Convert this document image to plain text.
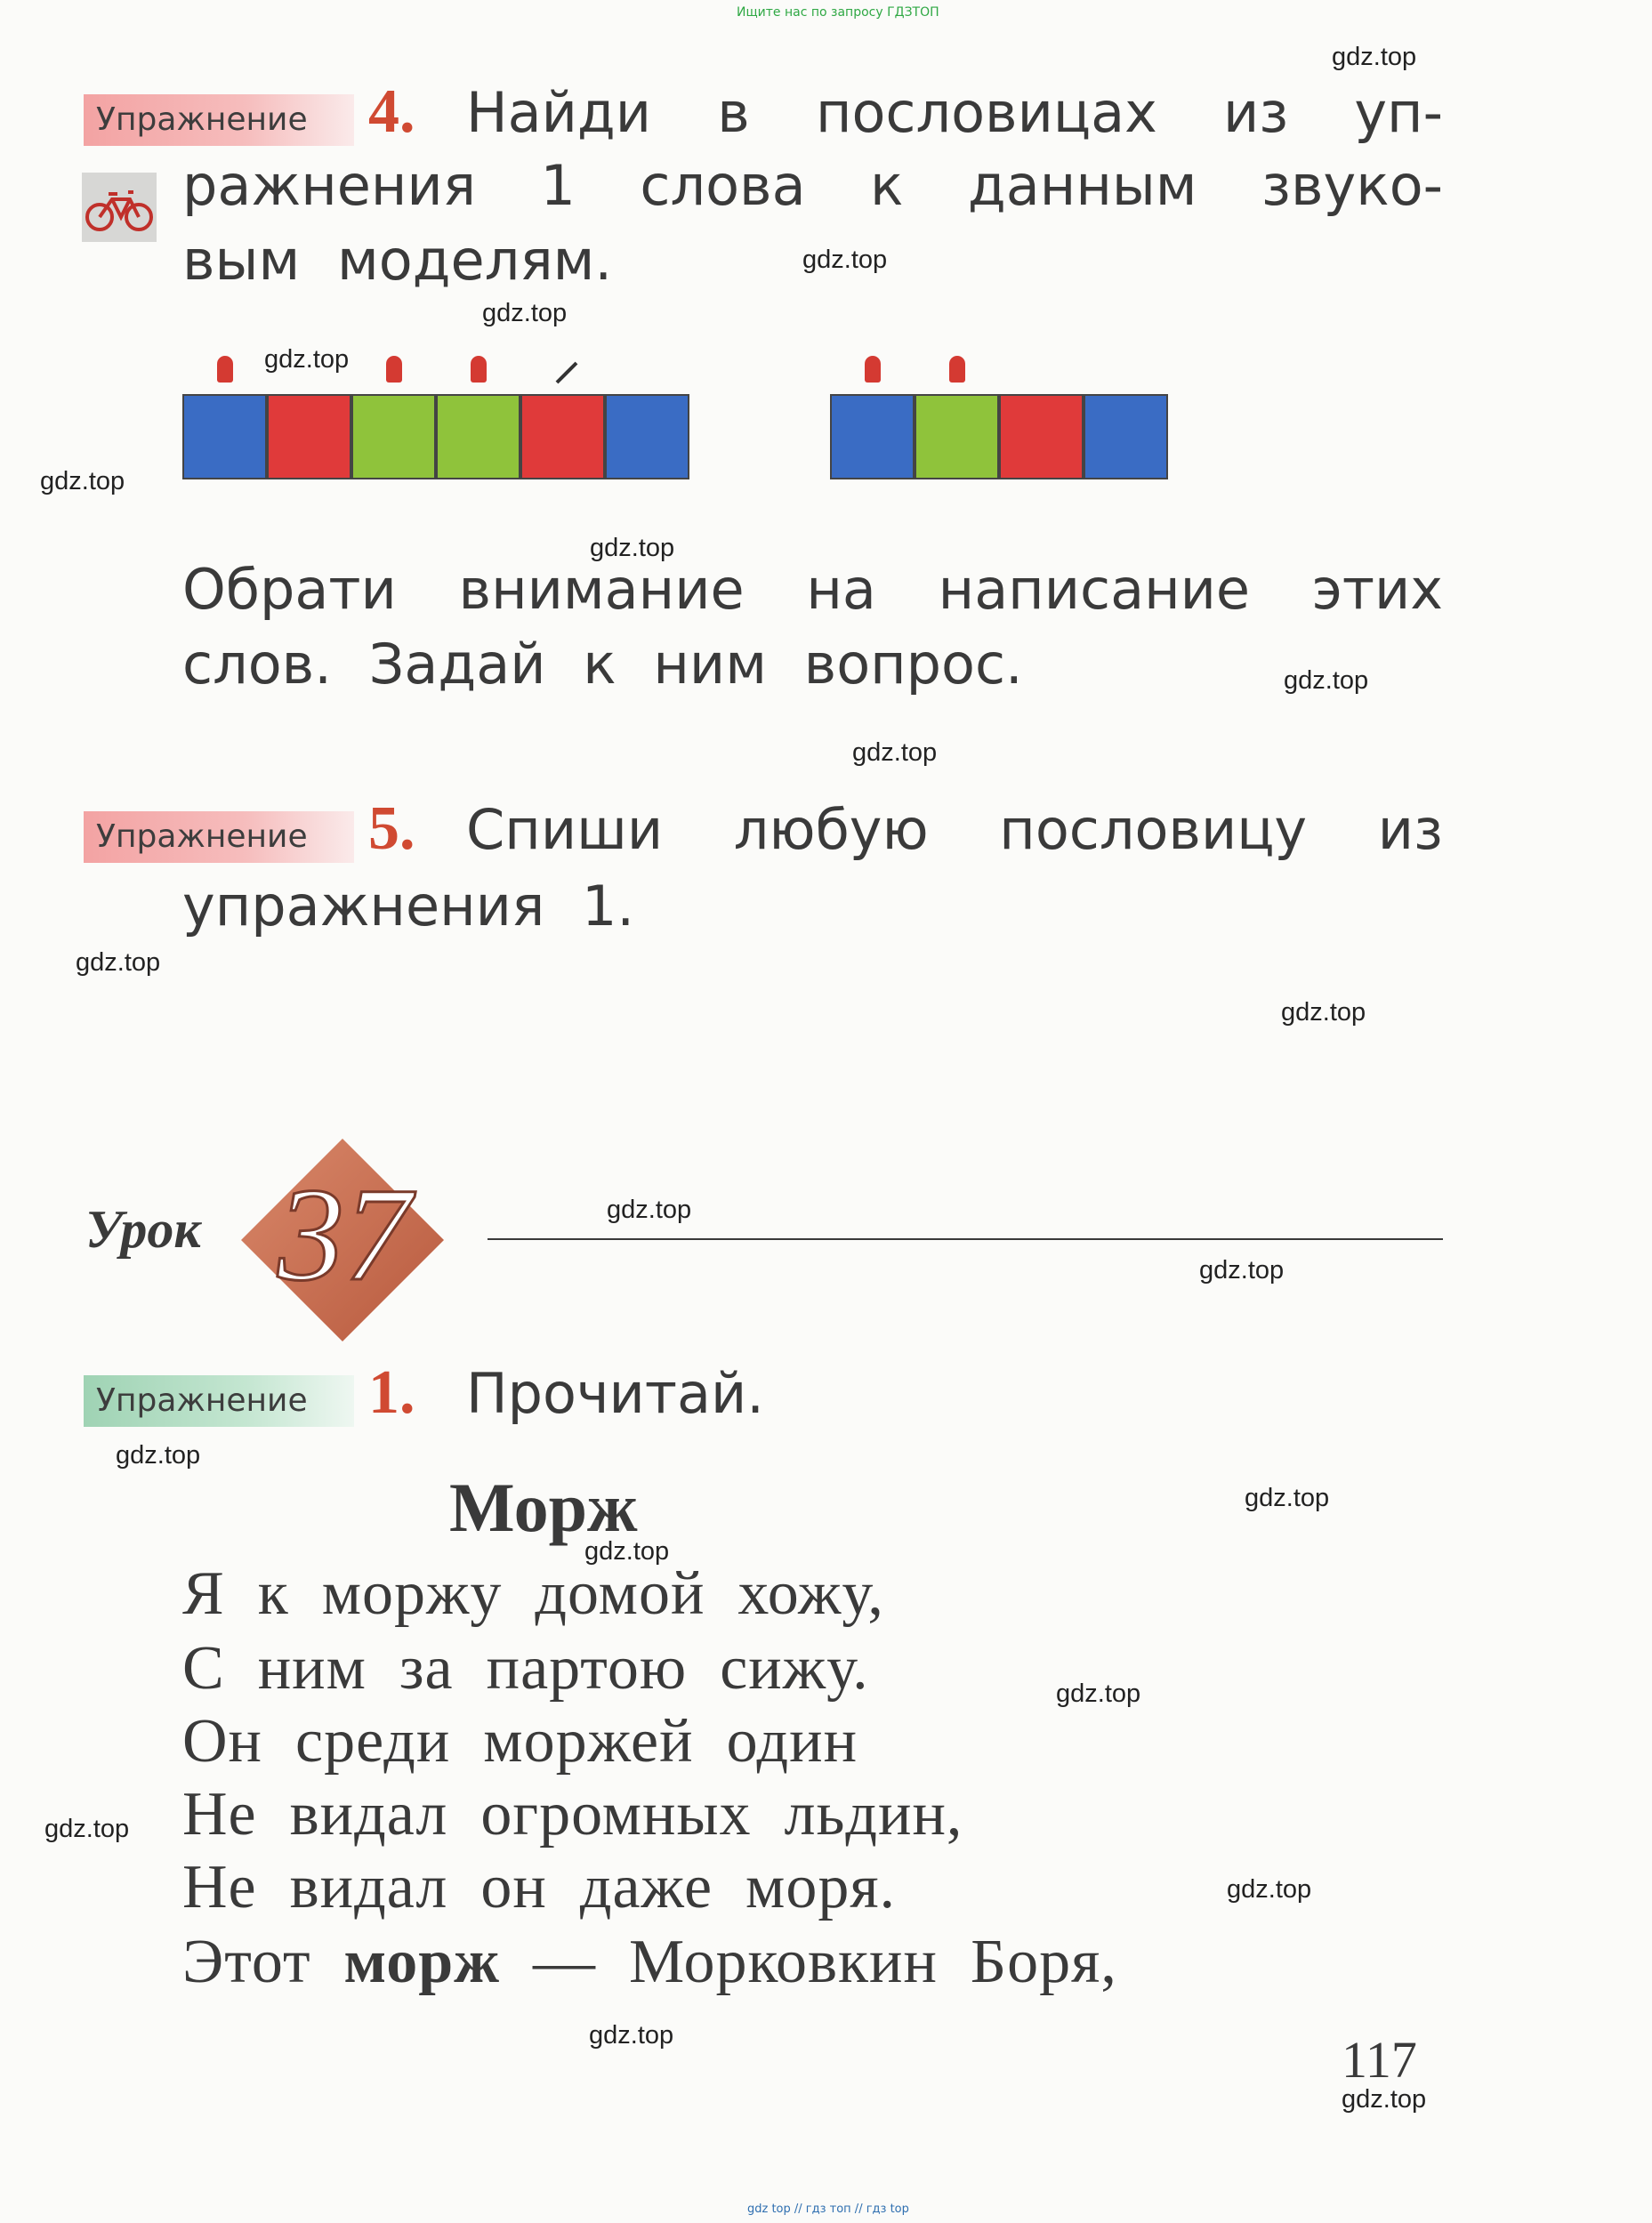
Ищите нас по запросу ГДЗТОП
gdz.top
gdz.top
gdz.top
gdz.top
gdz.top
gdz.top
gdz.top
gdz.top
gdz.top
gdz.top
gdz.top
gdz.top
gdz.top
gdz.top
gdz.top
gdz.top
gdz.top
gdz.top
gdz.top
gdz.top
Упражнение 4. Найди в пословицах из уп-
ражнения 1 слова к данным звуко-
вым моделям.
Обрати внимание на написание этих
слов. Задай к ним вопрос.
Упражнение 5. Спиши любую пословицу из
упражнения 1.
Урок 37
Упражнение 1. Прочитай.
Морж
Я  к  моржу  домой  хожу,
С  ним  за  партою  сижу.
Он  среди  моржей  один
Не  видал  огромных  льдин,
Не  видал  он  даже  моря.
Этот  морж  —  Морковкин  Боря,
117
gdz top // гдз топ // гдз top
